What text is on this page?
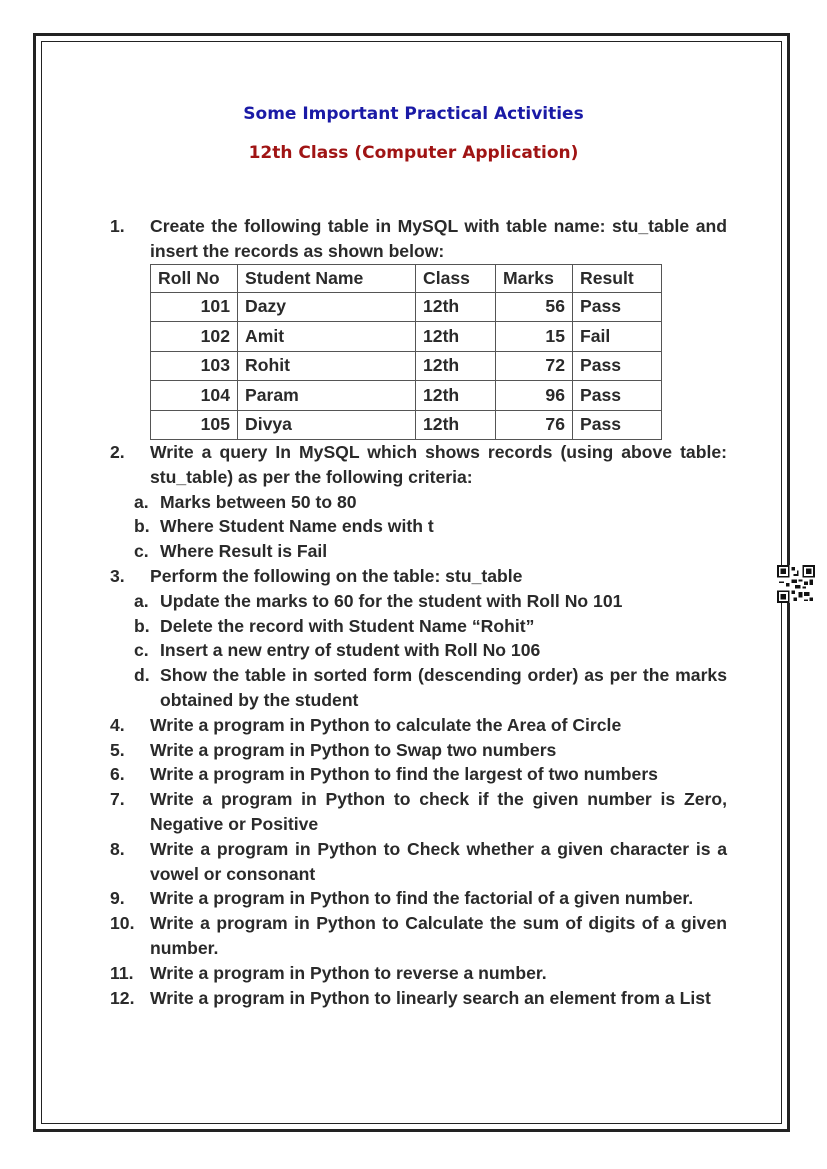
Some Important Practical Activities
12th Class (Computer Application)
1. Create the following table in MySQL with table name: stu_table and insert the records as shown below:
Roll No	Student Name	Class	Marks	Result
101	Dazy	12th	56	Pass
102	Amit	12th	15	Fail
103	Rohit	12th	72	Pass
104	Param	12th	96	Pass
105	Divya	12th	76	Pass
2. Write a query In MySQL which shows records (using above table: stu_table) as per the following criteria:
a. Marks between 50 to 80
b. Where Student Name ends with t
c. Where Result is Fail
3. Perform the following on the table: stu_table
a. Update the marks to 60 for the student with Roll No 101
b. Delete the record with Student Name “Rohit”
c. Insert a new entry of student with Roll No 106
d. Show the table in sorted form (descending order) as per the marks obtained by the student
4. Write a program in Python to calculate the Area of Circle
5. Write a program in Python to Swap two numbers
6. Write a program in Python to find the largest of two numbers
7. Write a program in Python to check if the given number is Zero, Negative or Positive
8. Write a program in Python to Check whether a given character is a vowel or consonant
9. Write a program in Python to find the factorial of a given number.
10. Write a program in Python to Calculate the sum of digits of a given number.
11. Write a program in Python to reverse a number.
12. Write a program in Python to linearly search an element from a List
